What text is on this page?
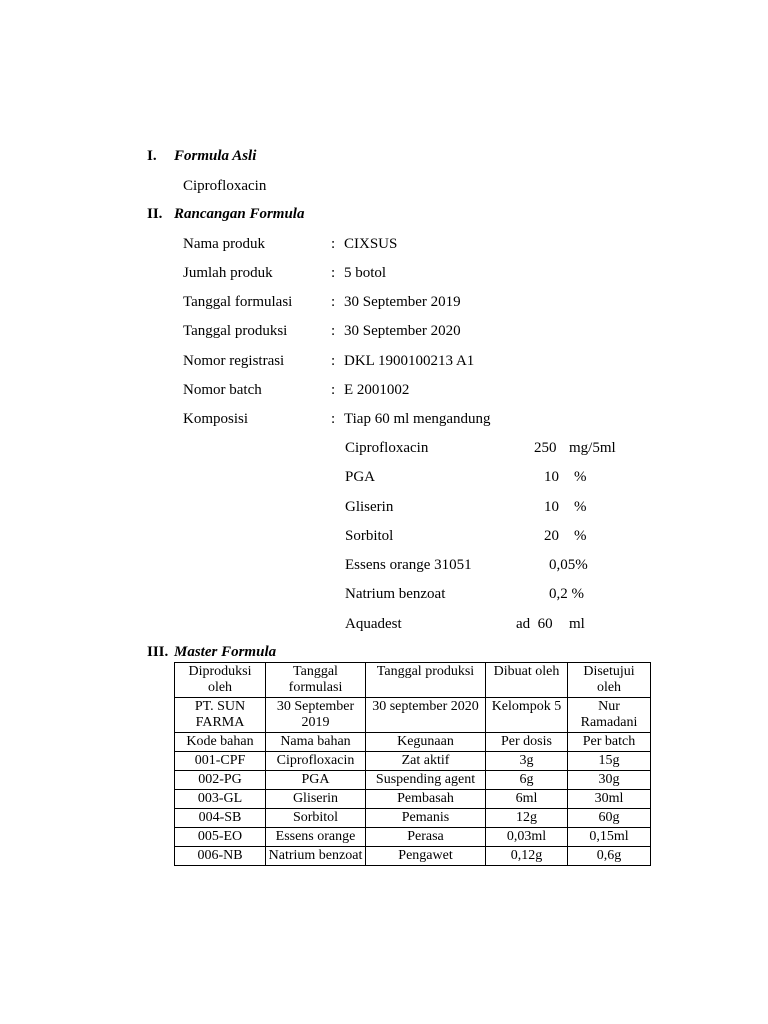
I. Formula Asli
Ciprofloxacin
II. Rancangan Formula
Nama produk	: CIXSUS
Jumlah produk	: 5 botol
Tanggal formulasi	: 30 September 2019
Tanggal produksi	: 30 September 2020
Nomor registrasi	: DKL 1900100213 A1
Nomor batch	: E 2001002
Komposisi	: Tiap 60 ml mengandung
Ciprofloxacin	250 mg/5ml
PGA	10 %
Gliserin	10 %
Sorbitol	20 %
Essens orange 31051	0,05%
Natrium benzoat	0,2 %
Aquadest	ad  60 ml
III. Master Formula
Diproduksi oleh	Tanggal formulasi	Tanggal produksi	Dibuat oleh	Disetujui oleh
PT. SUN FARMA	30 September 2019	30 september 2020	Kelompok 5	Nur Ramadani
Kode bahan	Nama bahan	Kegunaan	Per dosis	Per batch
001-CPF	Ciprofloxacin	Zat aktif	3g	15g
002-PG	PGA	Suspending agent	6g	30g
003-GL	Gliserin	Pembasah	6ml	30ml
004-SB	Sorbitol	Pemanis	12g	60g
005-EO	Essens orange	Perasa	0,03ml	0,15ml
006-NB	Natrium benzoat	Pengawet	0,12g	0,6g
